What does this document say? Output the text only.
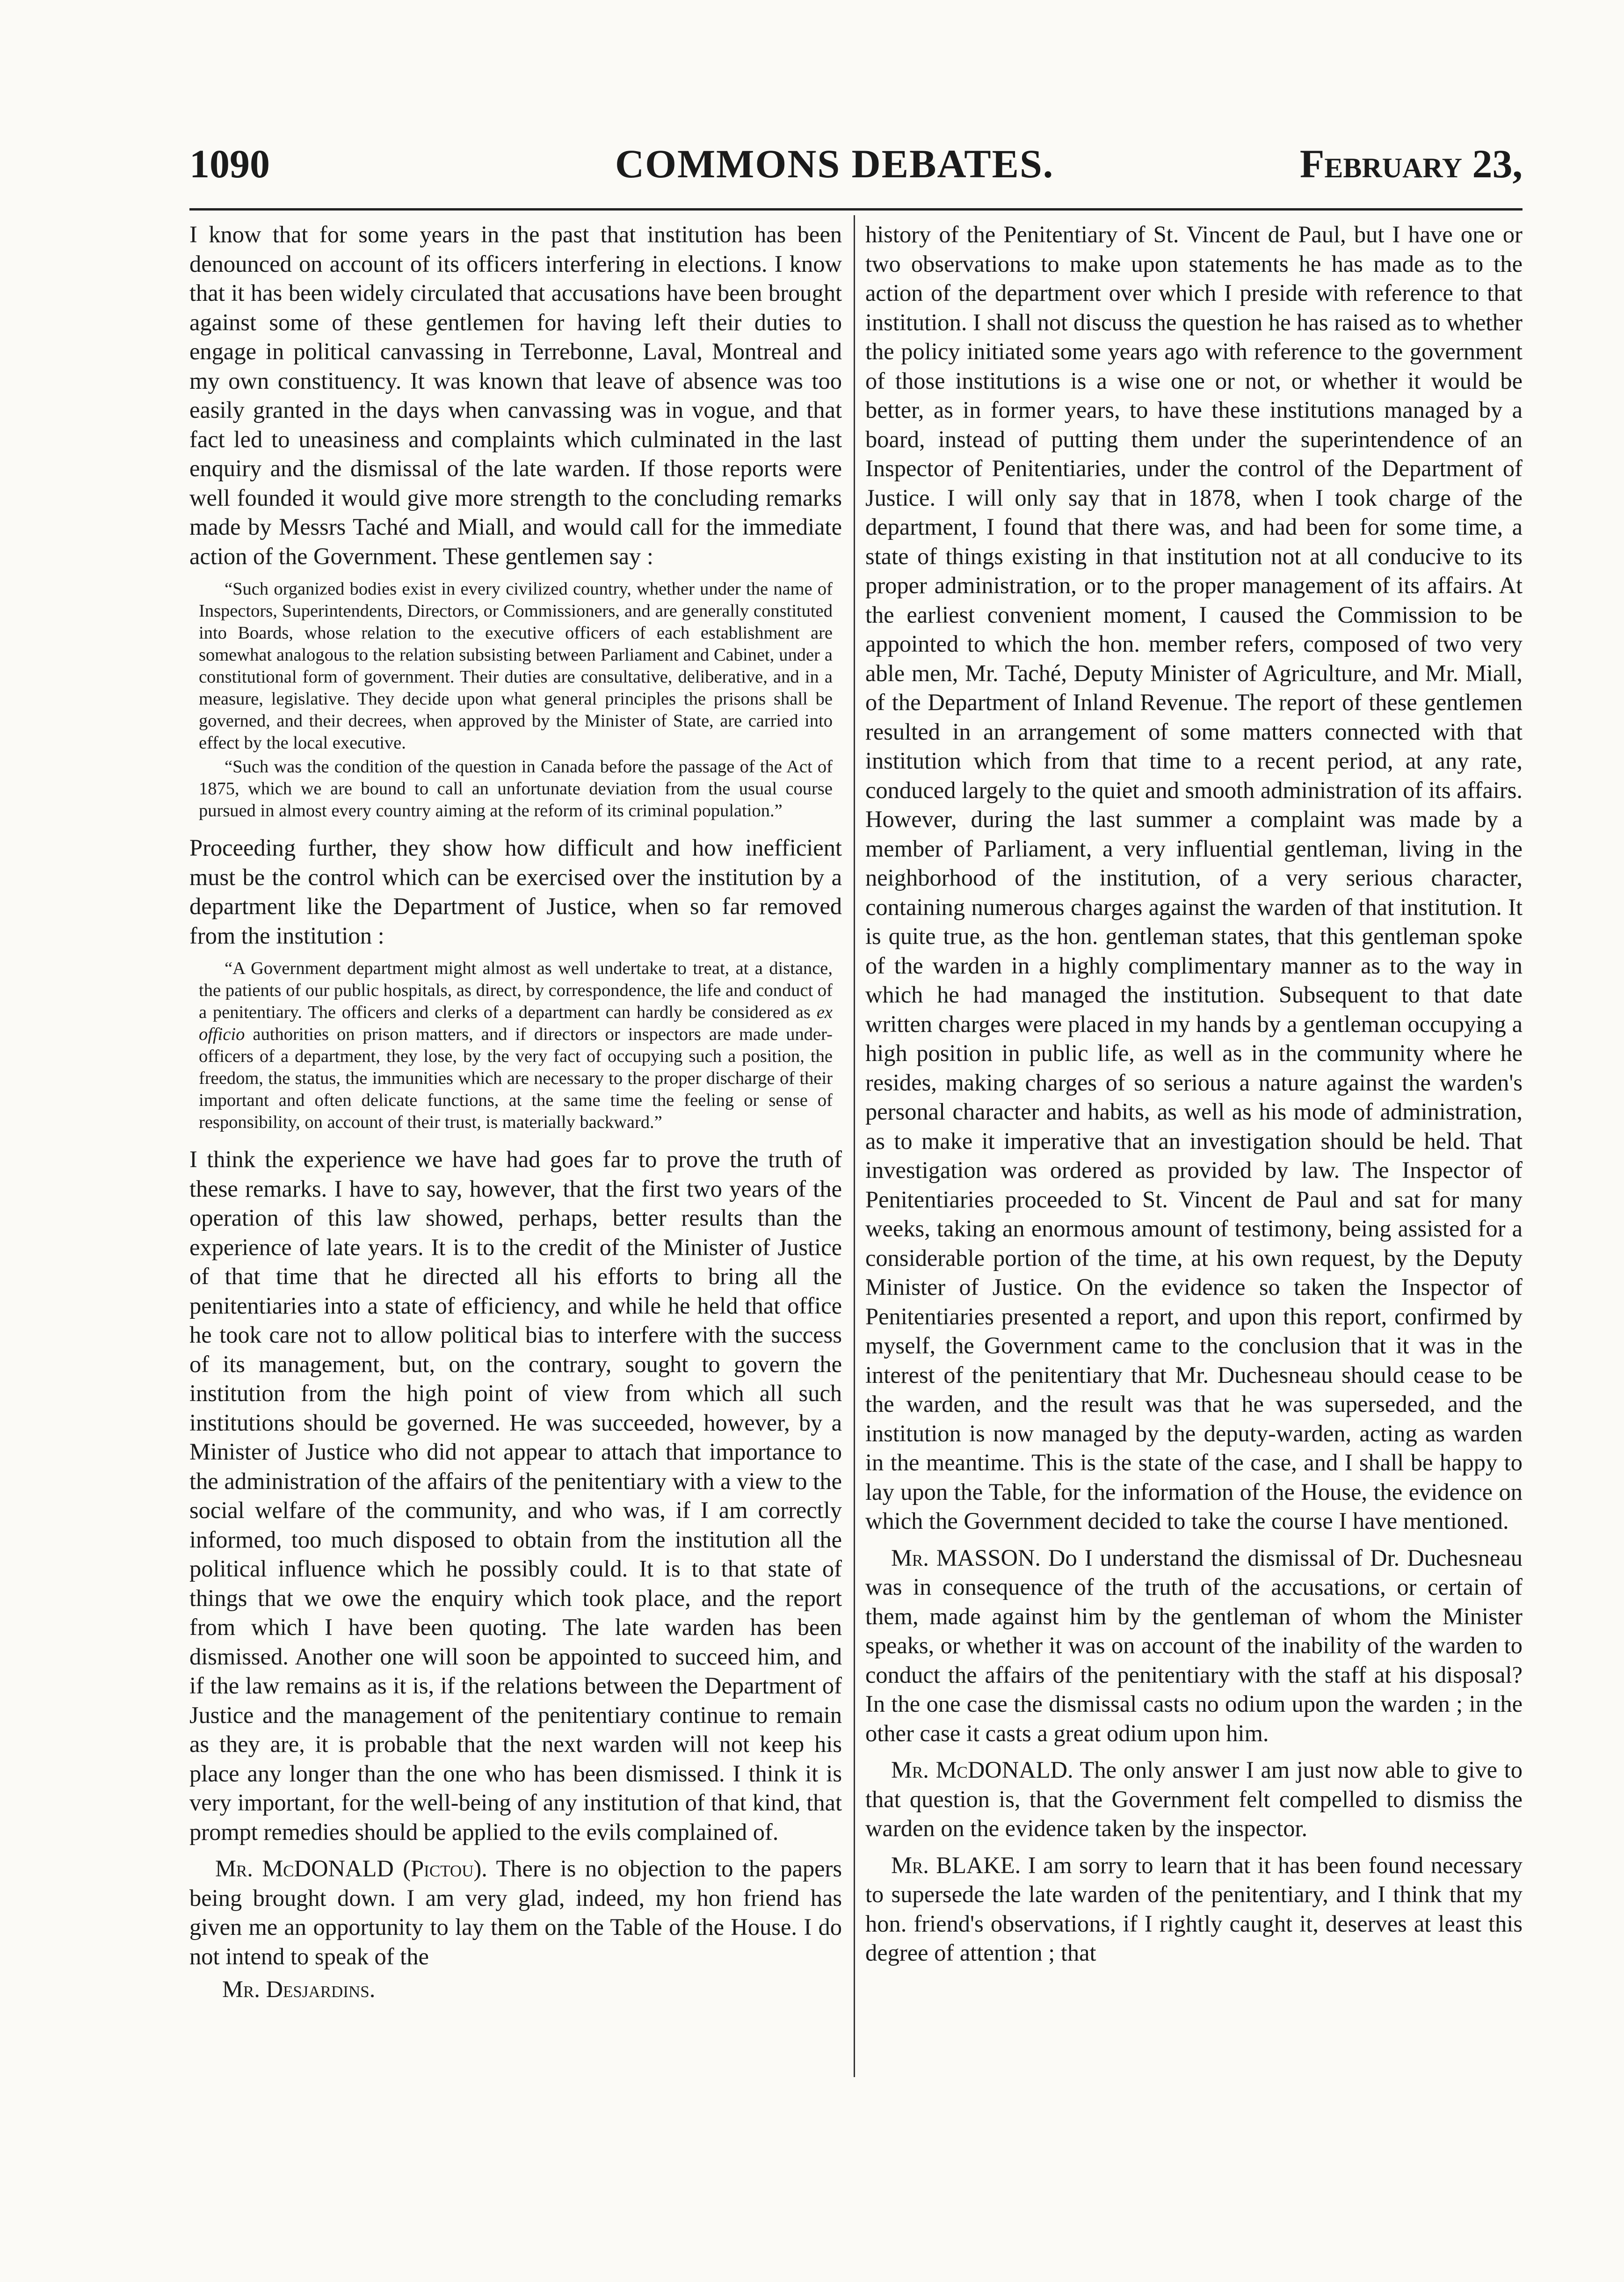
1090	COMMONS DEBATES.	February 23,

I know that for some years in the past that institution has been denounced on account of its officers interfering in elections. I know that it has been widely circulated that accusations have been brought against some of these gentlemen for having left their duties to engage in political canvassing in Terrebonne, Laval, Montreal and my own constituency. It was known that leave of absence was too easily granted in the days when canvassing was in vogue, and that fact led to uneasiness and complaints which culminated in the last enquiry and the dismissal of the late warden. If those reports were well founded it would give more strength to the concluding remarks made by Messrs Taché and Miall, and would call for the immediate action of the Government. These gentlemen say :

“Such organized bodies exist in every civilized country, whether under the name of Inspectors, Superintendents, Directors, or Commissioners, and are generally constituted into Boards, whose relation to the executive officers of each establishment are somewhat analogous to the relation subsisting between Parliament and Cabinet, under a constitutional form of government. Their duties are consultative, deliberative, and in a measure, legislative. They decide upon what general principles the prisons shall be governed, and their decrees, when approved by the Minister of State, are carried into effect by the local executive.

“Such was the condition of the question in Canada before the passage of the Act of 1875, which we are bound to call an unfortunate deviation from the usual course pursued in almost every country aiming at the reform of its criminal population.”

Proceeding further, they show how difficult and how inefficient must be the control which can be exercised over the institution by a department like the Department of Justice, when so far removed from the institution :

“A Government department might almost as well undertake to treat, at a distance, the patients of our public hospitals, as direct, by correspondence, the life and conduct of a penitentiary. The officers and clerks of a department can hardly be considered as ex officio authorities on prison matters, and if directors or inspectors are made under-officers of a department, they lose, by the very fact of occupying such a position, the freedom, the status, the immunities which are necessary to the proper discharge of their important and often delicate functions, at the same time the feeling or sense of responsibility, on account of their trust, is materially backward.”

I think the experience we have had goes far to prove the truth of these remarks. I have to say, however, that the first two years of the operation of this law showed, perhaps, better results than the experience of late years. It is to the credit of the Minister of Justice of that time that he directed all his efforts to bring all the penitentiaries into a state of efficiency, and while he held that office he took care not to allow political bias to interfere with the success of its management, but, on the contrary, sought to govern the institution from the high point of view from which all such institutions should be governed. He was succeeded, however, by a Minister of Justice who did not appear to attach that importance to the administration of the affairs of the penitentiary with a view to the social welfare of the community, and who was, if I am correctly informed, too much disposed to obtain from the institution all the political influence which he possibly could. It is to that state of things that we owe the enquiry which took place, and the report from which I have been quoting. The late warden has been dismissed. Another one will soon be appointed to succeed him, and if the law remains as it is, if the relations between the Department of Justice and the management of the penitentiary continue to remain as they are, it is probable that the next warden will not keep his place any longer than the one who has been dismissed. I think it is very important, for the well-being of any institution of that kind, that prompt remedies should be applied to the evils complained of.

Mr. McDONALD (Pictou). There is no objection to the papers being brought down. I am very glad, indeed, my hon friend has given me an opportunity to lay them on the Table of the House. I do not intend to speak of the

Mr. Desjardins.

history of the Penitentiary of St. Vincent de Paul, but I have one or two observations to make upon statements he has made as to the action of the department over which I preside with reference to that institution. I shall not discuss the question he has raised as to whether the policy initiated some years ago with reference to the government of those institutions is a wise one or not, or whether it would be better, as in former years, to have these institutions managed by a board, instead of putting them under the superintendence of an Inspector of Penitentiaries, under the control of the Department of Justice. I will only say that in 1878, when I took charge of the department, I found that there was, and had been for some time, a state of things existing in that institution not at all conducive to its proper administration, or to the proper management of its affairs. At the earliest convenient moment, I caused the Commission to be appointed to which the hon. member refers, composed of two very able men, Mr. Taché, Deputy Minister of Agriculture, and Mr. Miall, of the Department of Inland Revenue. The report of these gentlemen resulted in an arrangement of some matters connected with that institution which from that time to a recent period, at any rate, conduced largely to the quiet and smooth administration of its affairs. However, during the last summer a complaint was made by a member of Parliament, a very influential gentleman, living in the neighborhood of the institution, of a very serious character, containing numerous charges against the warden of that institution. It is quite true, as the hon. gentleman states, that this gentleman spoke of the warden in a highly complimentary manner as to the way in which he had managed the institution. Subsequent to that date written charges were placed in my hands by a gentleman occupying a high position in public life, as well as in the community where he resides, making charges of so serious a nature against the warden's personal character and habits, as well as his mode of administration, as to make it imperative that an investigation should be held. That investigation was ordered as provided by law. The Inspector of Penitentiaries proceeded to St. Vincent de Paul and sat for many weeks, taking an enormous amount of testimony, being assisted for a considerable portion of the time, at his own request, by the Deputy Minister of Justice. On the evidence so taken the Inspector of Penitentiaries presented a report, and upon this report, confirmed by myself, the Government came to the conclusion that it was in the interest of the penitentiary that Mr. Duchesneau should cease to be the warden, and the result was that he was superseded, and the institution is now managed by the deputy-warden, acting as warden in the meantime. This is the state of the case, and I shall be happy to lay upon the Table, for the information of the House, the evidence on which the Government decided to take the course I have mentioned.

Mr. MASSON. Do I understand the dismissal of Dr. Duchesneau was in consequence of the truth of the accusations, or certain of them, made against him by the gentleman of whom the Minister speaks, or whether it was on account of the inability of the warden to conduct the affairs of the penitentiary with the staff at his disposal? In the one case the dismissal casts no odium upon the warden ; in the other case it casts a great odium upon him.

Mr. McDONALD. The only answer I am just now able to give to that question is, that the Government felt compelled to dismiss the warden on the evidence taken by the inspector.

Mr. BLAKE. I am sorry to learn that it has been found necessary to supersede the late warden of the penitentiary, and I think that my hon. friend's observations, if I rightly caught it, deserves at least this degree of attention ; that
